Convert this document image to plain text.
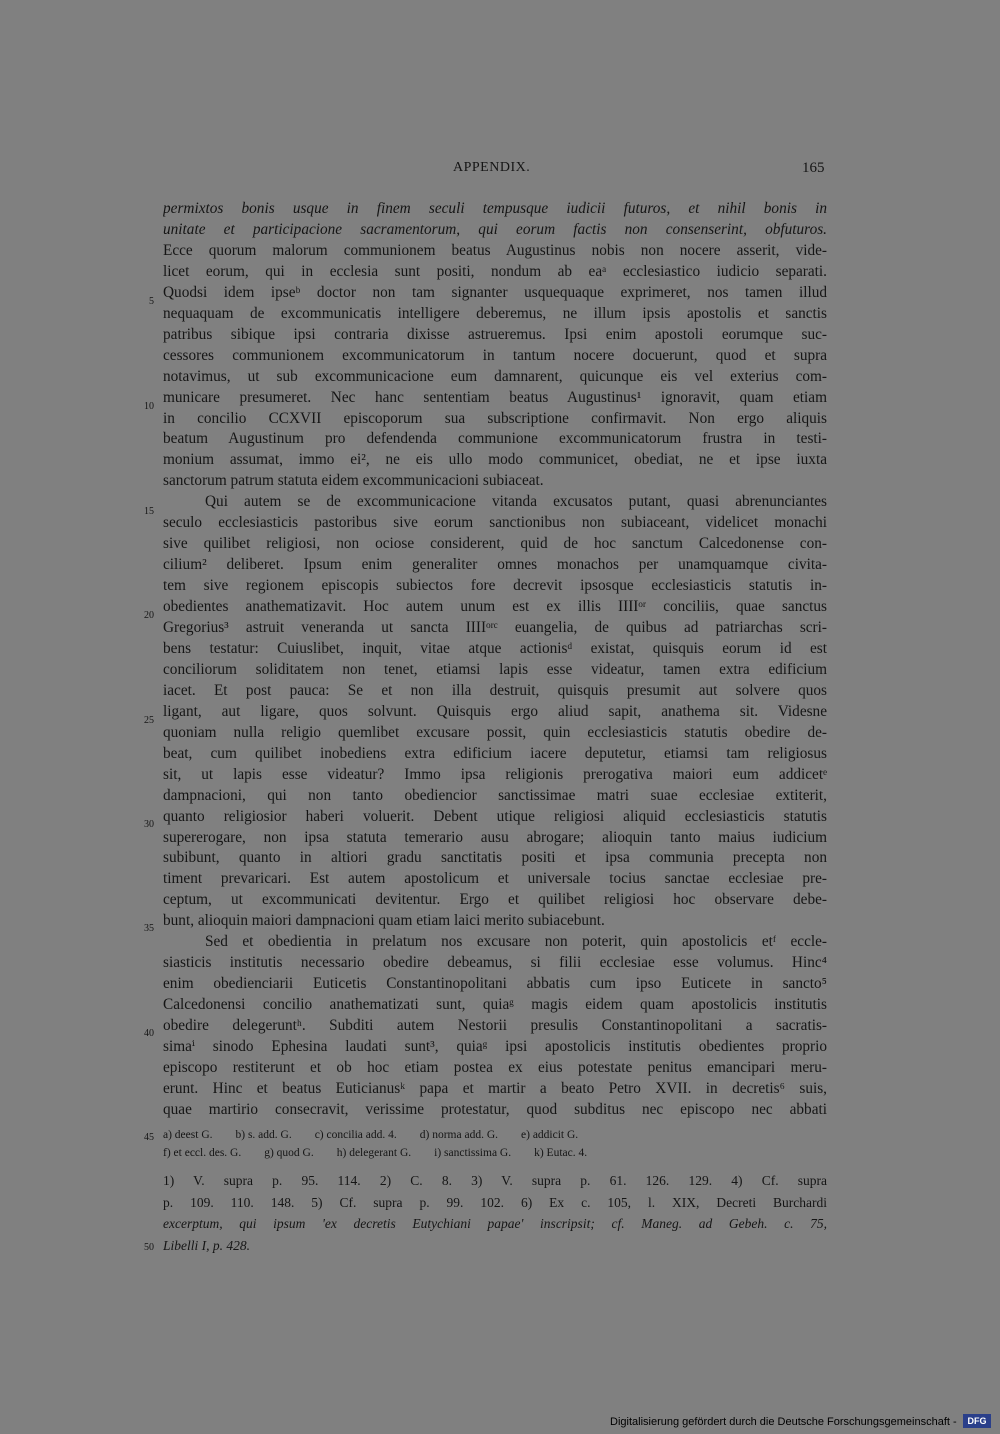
APPENDIX.	165
permixtos bonis usque in finem seculi tempusque iudicii futuros, et nihil bonis in
unitate et participacione sacramentorum, qui eorum factis non consenserint, obfuturos.
Ecce quorum malorum communionem beatus Augustinus nobis non nocere asserit, vide-
licet eorum, qui in ecclesia sunt positi, nondum ab eaᵃ ecclesiastico iudicio separati.
Quodsi idem ipseᵇ doctor non tam signanter usquequaque exprimeret, nos tamen illud
nequaquam de excommunicatis intelligere deberemus, ne illum ipsis apostolis et sanctis
patribus sibique ipsi contraria dixisse astrueremus. Ipsi enim apostoli eorumque suc-
cessores communionem excommunicatorum in tantum nocere docuerunt, quod et supra
notavimus, ut sub excommunicacione eum damnarent, quicunque eis vel exterius com-
municare presumeret. Nec hanc sententiam beatus Augustinus¹ ignoravit, quam etiam
in concilio CCXVII episcoporum sua subscriptione confirmavit. Non ergo aliquis
beatum Augustinum pro defendenda communione excommunicatorum frustra in testi-
monium assumat, immo ei², ne eis ullo modo communicet, obediat, ne et ipse iuxta
sanctorum patrum statuta eidem excommunicacioni subiaceat.
Qui autem se de excommunicacione vitanda excusatos putant, quasi abrenunciantes
seculo ecclesiasticis pastoribus sive eorum sanctionibus non subiaceant, videlicet monachi
sive quilibet religiosi, non ociose considerent, quid de hoc sanctum Calcedonense con-
cilium² deliberet. Ipsum enim generaliter omnes monachos per unamquamque civita-
tem sive regionem episcopis subiectos fore decrevit ipsosque ecclesiasticis statutis in-
obedientes anathematizavit. Hoc autem unum est ex illis IIIIᵒʳ conciliis, quae sanctus
Gregorius³ astruit veneranda ut sancta IIIIᵒʳᶜ euangelia, de quibus ad patriarchas scri-
bens testatur: Cuiuslibet, inquit, vitae atque actionisᵈ existat, quisquis eorum id est
conciliorum soliditatem non tenet, etiamsi lapis esse videatur, tamen extra edificium
iacet. Et post pauca: Se et non illa destruit, quisquis presumit aut solvere quos
ligant, aut ligare, quos solvunt. Quisquis ergo aliud sapit, anathema sit. Videsne
quoniam nulla religio quemlibet excusare possit, quin ecclesiasticis statutis obedire de-
beat, cum quilibet inobediens extra edificium iacere deputetur, etiamsi tam religiosus
sit, ut lapis esse videatur? Immo ipsa religionis prerogativa maiori eum addicetᵉ
dampnacioni, qui non tanto obediencior sanctissimae matri suae ecclesiae extiterit,
quanto religiosior haberi voluerit. Debent utique religiosi aliquid ecclesiasticis statutis
supererogare, non ipsa statuta temerario ausu abrogare; alioquin tanto maius iudicium
subibunt, quanto in altiori gradu sanctitatis positi et ipsa communia precepta non
timent prevaricari. Est autem apostolicum et universale tocius sanctae ecclesiae pre-
ceptum, ut excommunicati devitentur. Ergo et quilibet religiosi hoc observare debe-
bunt, alioquin maiori dampnacioni quam etiam laici merito subiacebunt.
Sed et obedientia in prelatum nos excusare non poterit, quin apostolicis etᶠ eccle-
siasticis institutis necessario obedire debeamus, si filii ecclesiae esse volumus. Hinc⁴
enim obedienciarii Euticetis Constantinopolitani abbatis cum ipso Euticete in sancto⁵
Calcedonensi concilio anathematizati sunt, quiaᵍ magis eidem quam apostolicis institutis
obedire delegeruntʰ. Subditi autem Nestorii presulis Constantinopolitani a sacratis-
simaⁱ sinodo Ephesina laudati sunt³, quiaᵍ ipsi apostolicis institutis obedientes proprio
episcopo restiterunt et ob hoc etiam postea ex eius potestate penitus emancipari meru-
erunt. Hinc et beatus Euticianusᵏ papa et martir a beato Petro XVII. in decretis⁶ suis,
quae martirio consecravit, verissime protestatur, quod subditus nec episcopo nec abbati
5
10
15
20
25
30
35
40
45
50
a) deest G.        b) s. add. G.        c) concilia add. 4.        d) norma add. G.        e) addicit G.
f) et eccl. des. G.        g) quod G.        h) delegerant G.        i) sanctissima G.        k) Eutac. 4.
1) V. supra p. 95. 114. 2) C. 8. 3) V. supra p. 61. 126. 129. 4) Cf. supra
p. 109. 110. 148. 5) Cf. supra p. 99. 102. 6) Ex c. 105, l. XIX, Decreti Burchardi
excerptum, qui ipsum 'ex decretis Eutychiani papae' inscripsit; cf. Maneg. ad Gebeh. c. 75,
Libelli I, p. 428.
Digitalisierung gefördert durch die Deutsche Forschungsgemeinschaft -	DFG
